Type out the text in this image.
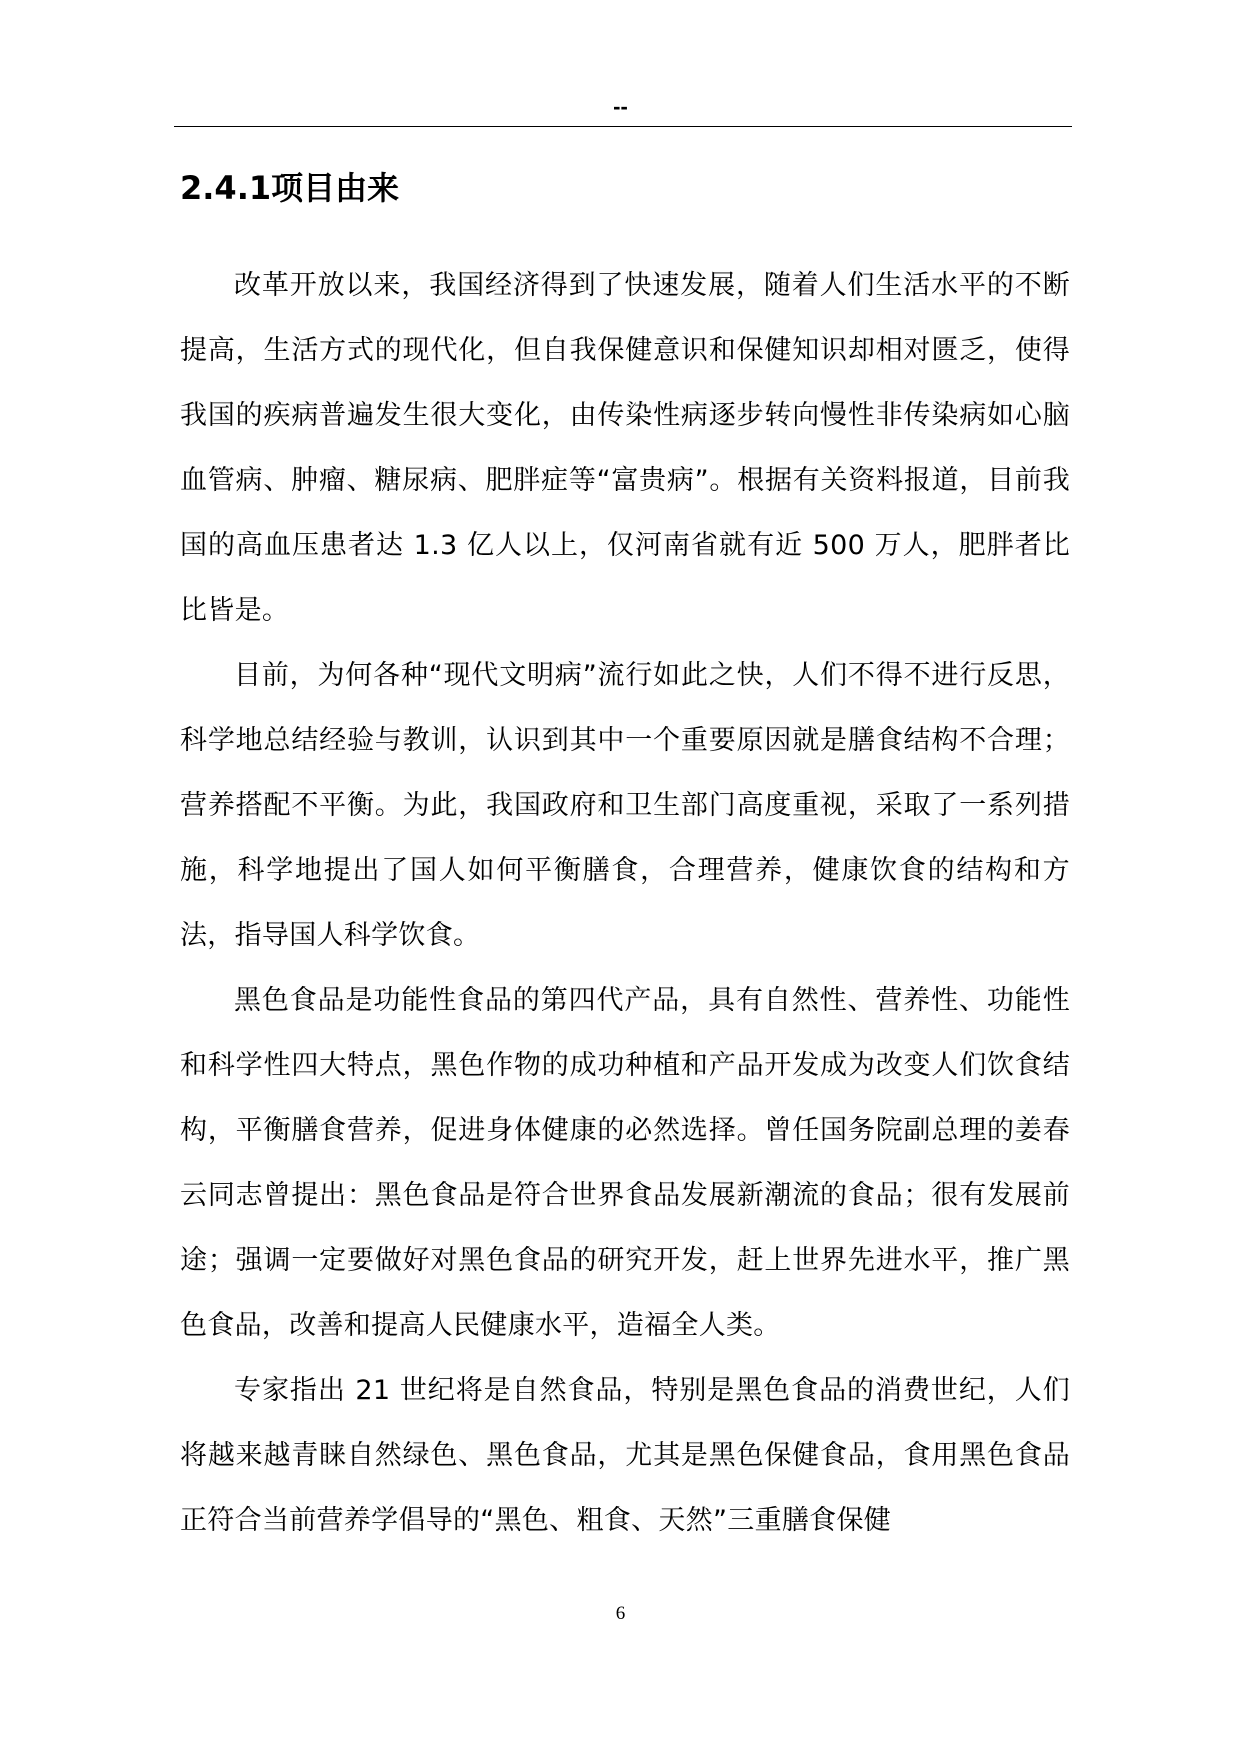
--
2.4.1项目由来

改革开放以来，我国经济得到了快速发展，随着人们生活水平的不断提高，生活方式的现代化，但自我保健意识和保健知识却相对匮乏，使得我国的疾病普遍发生很大变化，由传染性病逐步转向慢性非传染病如心脑血管病、肿瘤、糖尿病、肥胖症等“富贵病”。根据有关资料报道，目前我国的高血压患者达 1.3 亿人以上，仅河南省就有近 500 万人，肥胖者比比皆是。

目前，为何各种“现代文明病”流行如此之快，人们不得不进行反思，科学地总结经验与教训，认识到其中一个重要原因就是膳食结构不合理；营养搭配不平衡。为此，我国政府和卫生部门高度重视，采取了一系列措施，科学地提出了国人如何平衡膳食，合理营养，健康饮食的结构和方法，指导国人科学饮食。

黑色食品是功能性食品的第四代产品，具有自然性、营养性、功能性和科学性四大特点，黑色作物的成功种植和产品开发成为改变人们饮食结构，平衡膳食营养，促进身体健康的必然选择。曾任国务院副总理的姜春云同志曾提出：黑色食品是符合世界食品发展新潮流的食品；很有发展前途；强调一定要做好对黑色食品的研究开发，赶上世界先进水平，推广黑色食品，改善和提高人民健康水平，造福全人类。

专家指出 21 世纪将是自然食品，特别是黑色食品的消费世纪，人们将越来越青睐自然绿色、黑色食品，尤其是黑色保健食品，食用黑色食品正符合当前营养学倡导的“黑色、粗食、天然”三重膳食保健

6
